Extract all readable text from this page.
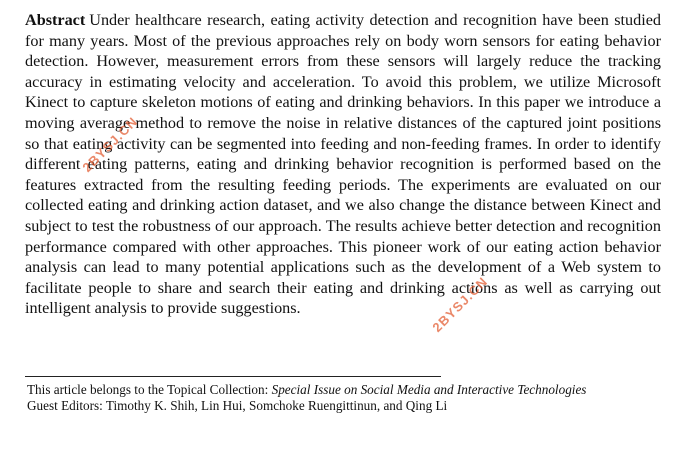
Abstract Under healthcare research, eating activity detection and recognition have been studied for many years. Most of the previous approaches rely on body worn sensors for eating behavior detection. However, measurement errors from these sensors will largely reduce the tracking accuracy in estimating velocity and acceleration. To avoid this problem, we utilize Microsoft Kinect to capture skeleton motions of eating and drinking behaviors. In this paper we introduce a moving average method to remove the noise in relative distances of the captured joint positions so that eating activity can be segmented into feeding and non-feeding frames. In order to identify different eating patterns, eating and drinking behavior recognition is performed based on the features extracted from the resulting feeding periods. The experiments are evaluated on our collected eating and drinking action dataset, and we also change the distance between Kinect and subject to test the robustness of our approach. The results achieve better detection and recognition performance compared with other approaches. This pioneer work of our eating action behavior analysis can lead to many potential applications such as the development of a Web system to facilitate people to share and search their eating and drinking actions as well as carrying out intelligent analysis to provide suggestions.

This article belongs to the Topical Collection: Special Issue on Social Media and Interactive Technologies

Guest Editors: Timothy K. Shih, Lin Hui, Somchoke Ruengittinun, and Qing Li

2BYSJ.CN
2BYSJ.CN
